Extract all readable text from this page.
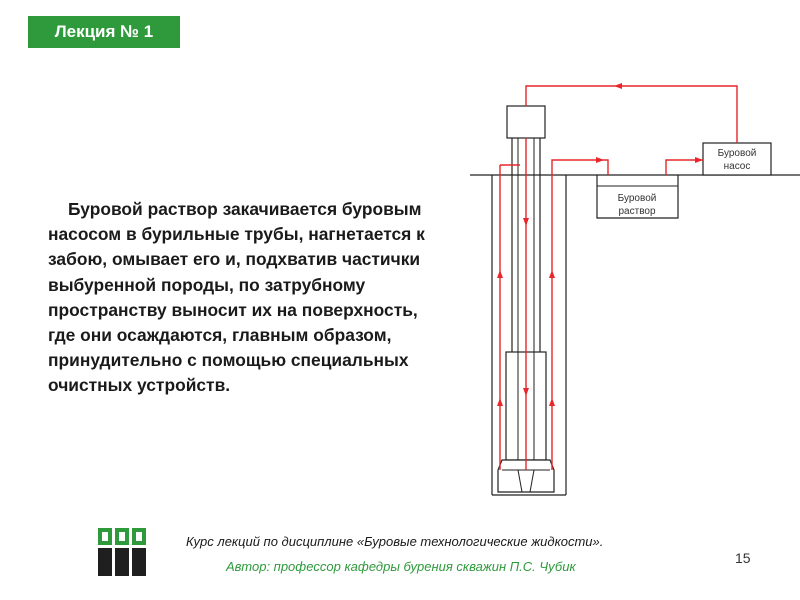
Лекция № 1

Буровой раствор закачивается буровым насосом в бурильные трубы, нагнетается к забою, омывает его и, подхватив частички выбуренной породы, по затрубному пространству выносит их на поверхность, где они осаждаются, главным образом, принудительно с помощью специальных очистных устройств.

Буровой
раствор
Буровой
насос
Курс лекций по дисциплине «Буровые технологические жидкости».
Автор: профессор кафедры бурения скважин П.С. Чубик
15
